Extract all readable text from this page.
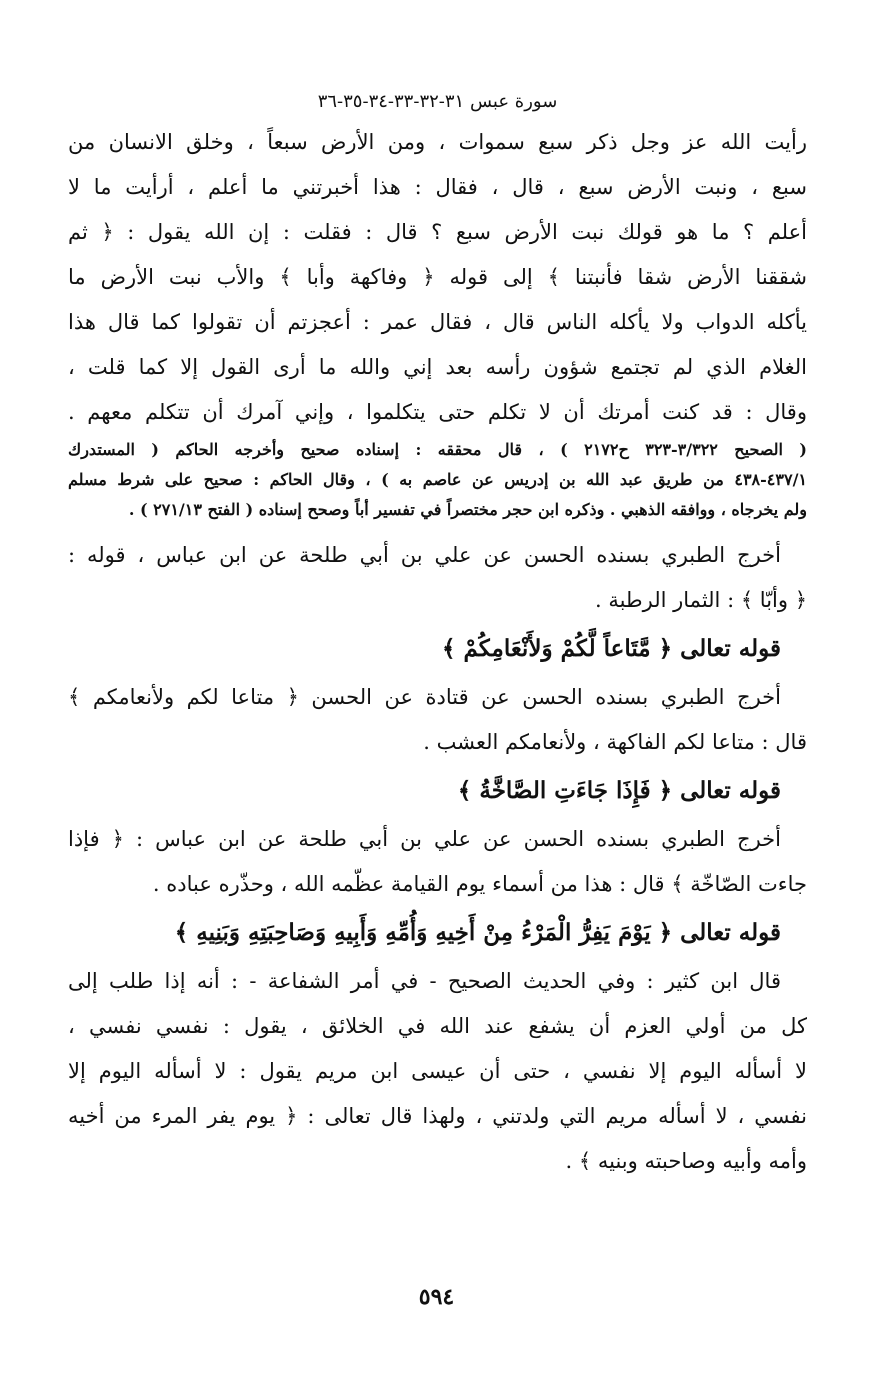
سورة عبس ٣١-٣٢-٣٣-٣٤-٣٥-٣٦
رأيت الله عز وجل ذكر سبع سموات ، ومن الأرض سبعاً ، وخلق الانسان من
سبع ، ونبت الأرض سبع ، قال ، فقال : هذا أخبرتني ما أعلم ، أرأيت ما لا
أعلم ؟ ما هو قولك نبت الأرض سبع ؟ قال : فقلت : إن الله يقول : ﴿ ثم
شققنا الأرض شقا فأنبتنا ﴾ إلى قوله ﴿ وفاكهة وأبا ﴾ والأب نبت الأرض ما
يأكله الدواب ولا يأكله الناس قال ، فقال عمر : أعجزتم أن تقولوا كما قال هذا
الغلام الذي لم تجتمع شؤون رأسه بعد إني والله ما أرى القول إلا كما قلت ،
وقال : قد كنت أمرتك أن لا تكلم حتى يتكلموا ، وإني آمرك أن تتكلم معهم .
( الصحيح ٣/٣٢٢-٣٢٣ ح٢١٧٢ ) ، قال محققه : إسناده صحيح وأخرجه الحاكم ( المستدرك
٤٣٧/١-٤٣٨ من طريق عبد الله بن إدريس عن عاصم به ) ، وقال الحاكم : صحيح على شرط مسلم
ولم يخرجاه ، ووافقه الذهبي . وذكره ابن حجر مختصراً في تفسير أباً وصحح إسناده ( الفتح ٢٧١/١٣ ) .
أخرج الطبري بسنده الحسن عن علي بن أبي طلحة عن ابن عباس ، قوله :
﴿ وأبّا ﴾ : الثمار الرطبة .
قوله تعالى ﴿ مَّتَاعاً لَّكُمْ وَلأَنْعَامِكُمْ ﴾
أخرج الطبري بسنده الحسن عن قتادة عن الحسن ﴿ متاعا لكم ولأنعامكم ﴾
قال : متاعا لكم الفاكهة ، ولأنعامكم العشب .
قوله تعالى ﴿ فَإِذَا جَاءَتِ الصَّاخَّةُ ﴾
أخرج الطبري بسنده الحسن عن علي بن أبي طلحة عن ابن عباس : ﴿ فإذا
جاءت الصّاخّة ﴾ قال : هذا من أسماء يوم القيامة عظّمه الله ، وحذّره عباده .
قوله تعالى ﴿ يَوْمَ يَفِرُّ الْمَرْءُ مِنْ أَخِيهِ وَأُمِّهِ وَأَبِيهِ وَصَاحِبَتِهِ وَبَنِيهِ ﴾
قال ابن كثير : وفي الحديث الصحيح - في أمر الشفاعة - : أنه إذا طلب إلى
كل من أولي العزم أن يشفع عند الله في الخلائق ، يقول : نفسي نفسي ،
لا أسأله اليوم إلا نفسي ، حتى أن عيسى ابن مريم يقول : لا أسأله اليوم إلا
نفسي ، لا أسأله مريم التي ولدتني ، ولهذا قال تعالى : ﴿ يوم يفر المرء من أخيه
وأمه وأبيه وصاحبته وبنيه ﴾ .
٥٩٤
